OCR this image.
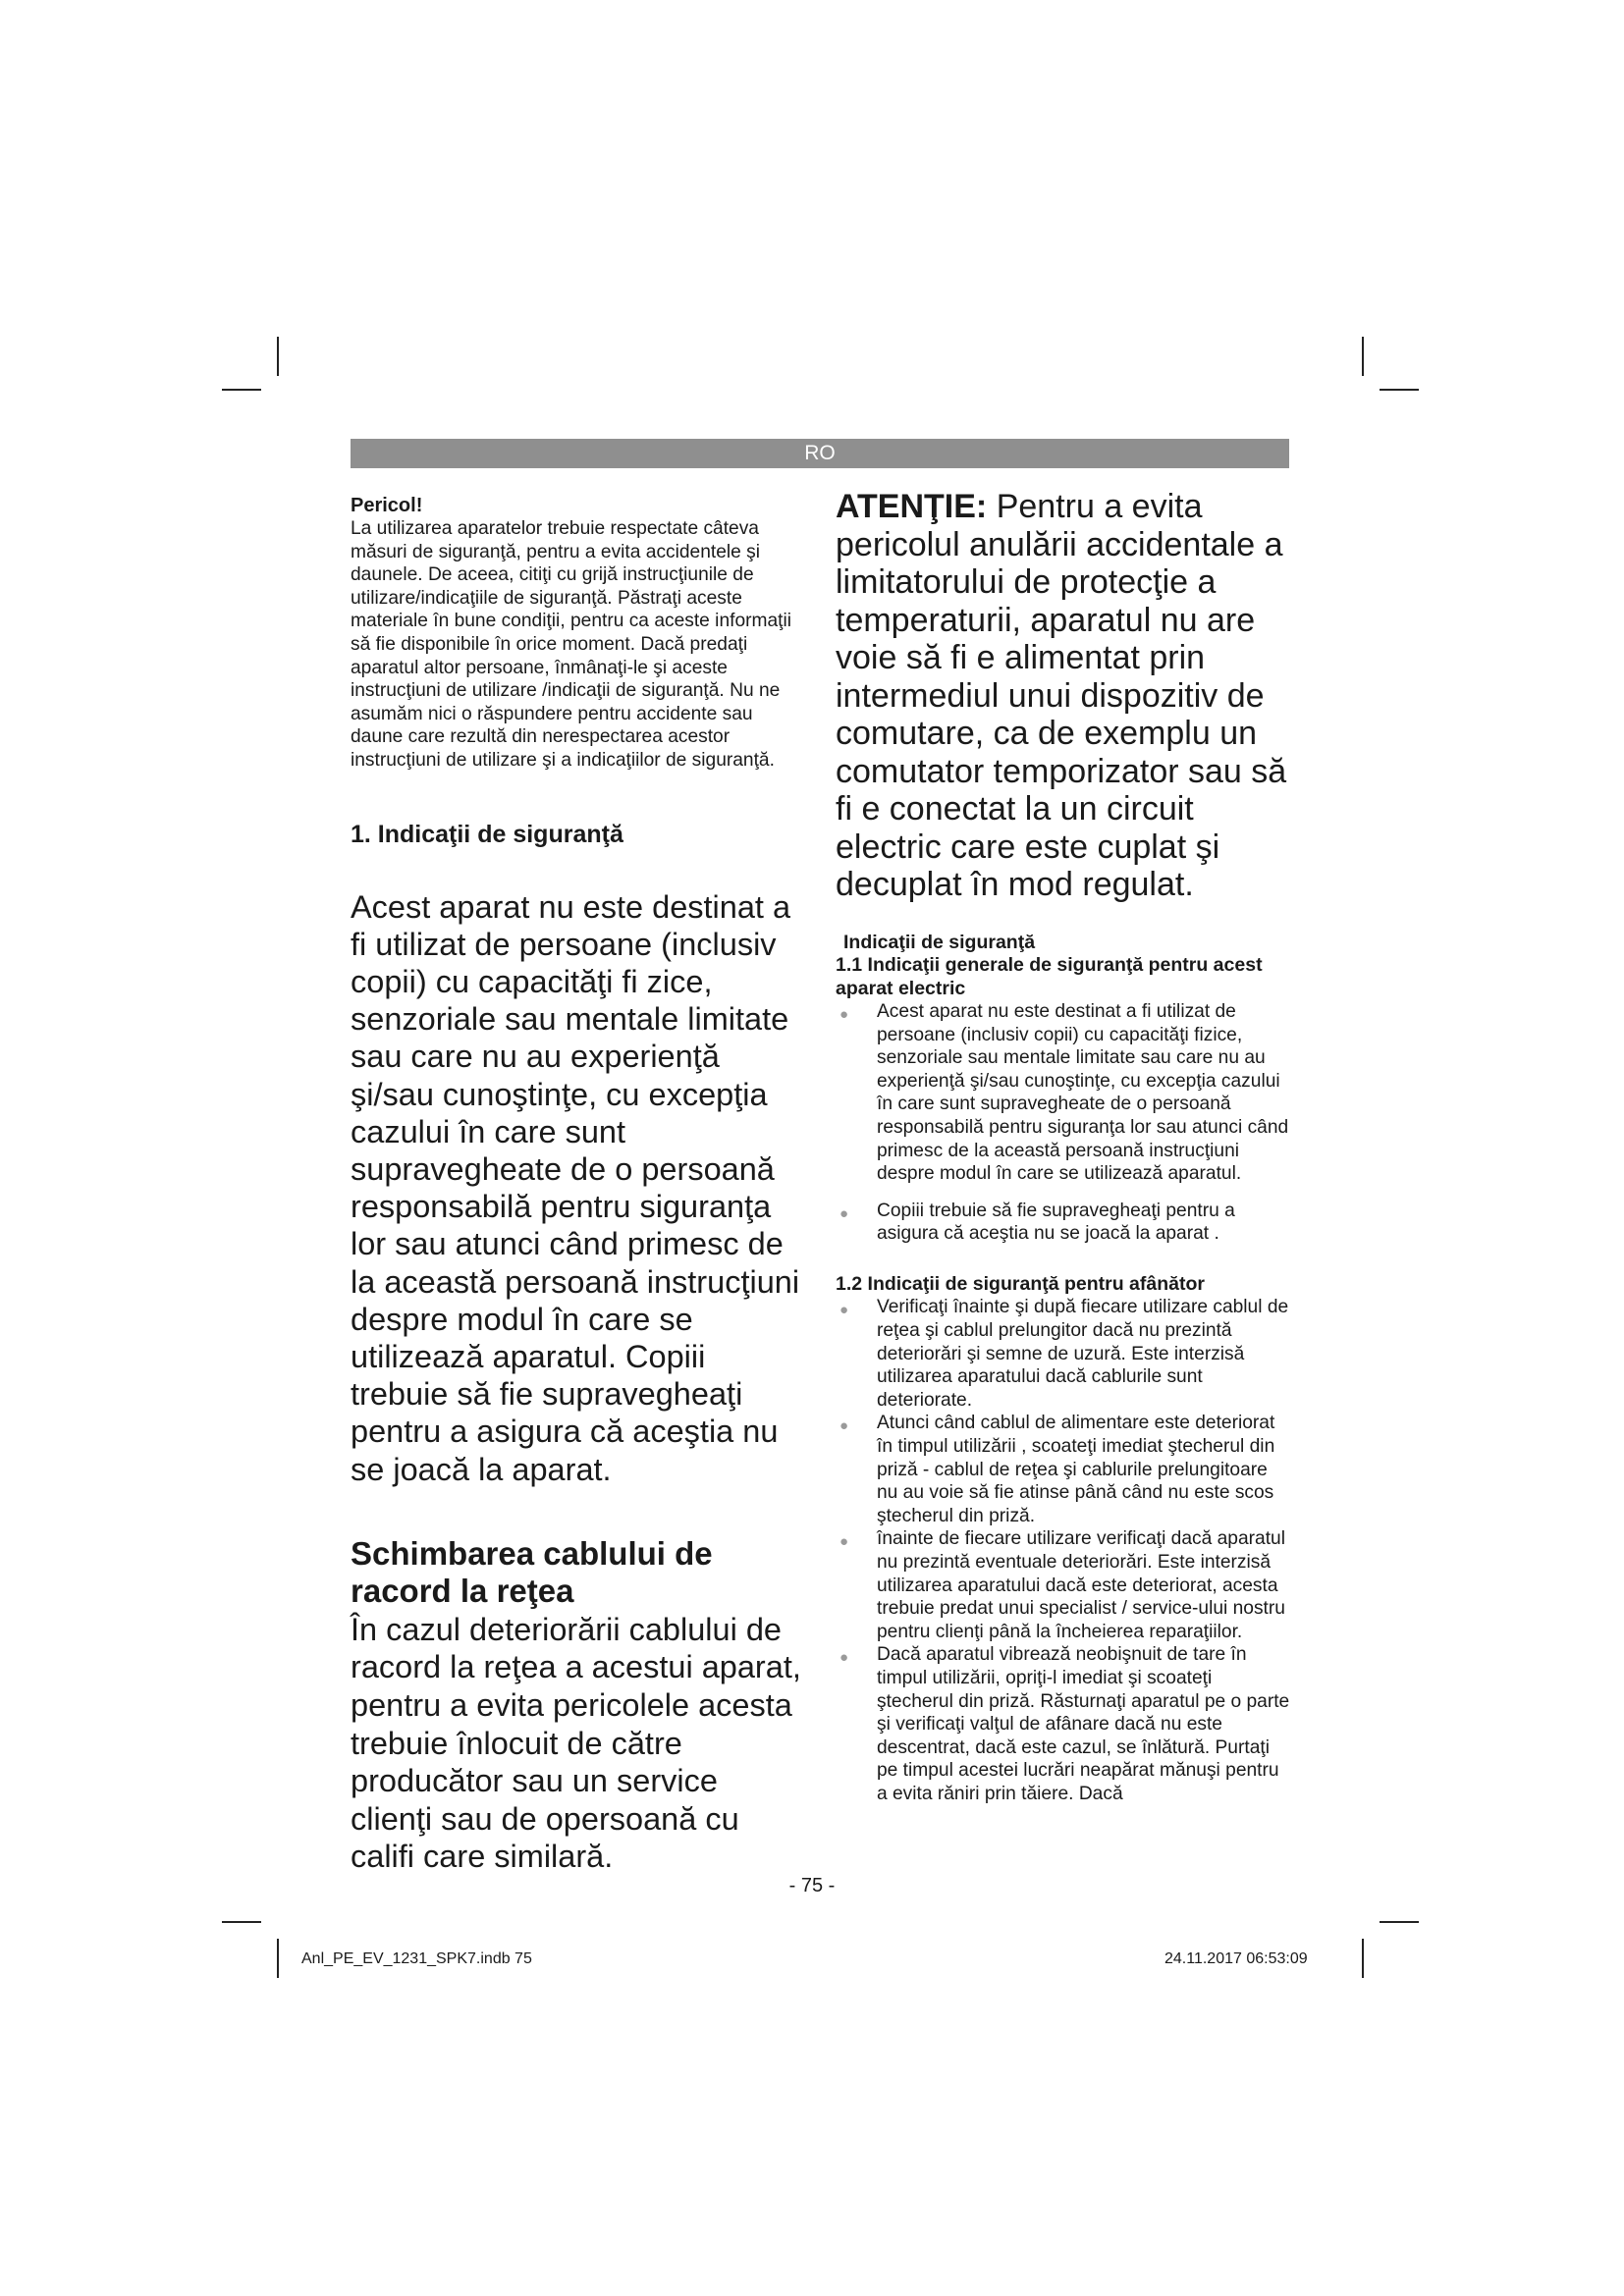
RO
Pericol!

La utilizarea aparatelor trebuie respectate câteva măsuri de siguranţă, pentru a evita accidentele şi daunele. De aceea, citiţi cu grijă instrucţiunile de utilizare/indicaţiile de siguranţă. Păstraţi aceste materiale în bune condiţii, pentru ca aceste informaţii să fie disponibile în orice moment. Dacă predaţi aparatul altor persoane, înmânaţi-le şi aceste instrucţiuni de utilizare /indicaţii de siguranţă. Nu ne asumăm nici o răspundere pentru accidente sau daune care rezultă din nerespectarea acestor instrucţiuni de utilizare şi a indicaţiilor de siguranţă.

1. Indicaţii de siguranţă

Acest aparat nu este destinat a fi utilizat de persoane (inclusiv copii) cu capacităţi fi zice, senzoriale sau mentale limitate sau care nu au experienţă şi/sau cunoştinţe, cu excepţia cazului în care sunt supravegheate de o persoană responsabilă pentru siguranţa lor sau atunci când primesc de la această persoană instrucţiuni despre modul în care se utilizează aparatul. Copiii trebuie să fie supravegheaţi pentru a asigura că aceştia nu se joacă la aparat.

Schimbarea cablului de racord la reţea

În cazul deteriorării cablului de racord la reţea a acestui aparat, pentru a evita pericolele acesta trebuie înlocuit de către producător sau un service clienţi sau de opersoană cu califi care similară.

ATENŢIE: Pentru a evita pericolul anulării accidentale a limitatorului de protecţie a temperaturii, aparatul nu are voie să fi e alimentat prin intermediul unui dispozitiv de comutare, ca de exemplu un comutator temporizator sau să fi e conectat la un circuit electric care este cuplat şi decuplat în mod regulat.

Indicaţii de siguranţă
1.1 Indicaţii generale de siguranţă pentru acest aparat electric
● Acest aparat nu este destinat a fi utilizat de persoane (inclusiv copii) cu capacităţi fizice, senzoriale sau mentale limitate sau care nu au experienţă şi/sau cunoştinţe, cu excepţia cazului în care sunt supravegheate de o persoană responsabilă pentru siguranţa lor sau atunci când primesc de la această persoană instrucţiuni despre modul în care se utilizează aparatul.
● Copiii trebuie să fie supravegheaţi pentru a asigura că aceştia nu se joacă la aparat .
1.2 Indicaţii de siguranţă pentru afânător
● Verificaţi înainte şi după fiecare utilizare cablul de reţea şi cablul prelungitor dacă nu prezintă deteriorări şi semne de uzură. Este interzisă utilizarea aparatului dacă cablurile sunt deteriorate.
● Atunci când cablul de alimentare este deteriorat în timpul utilizării , scoateţi imediat ştecherul din priză - cablul de reţea şi cablurile prelungitoare nu au voie să fie atinse până când nu este scos ştecherul din priză.
● înainte de fiecare utilizare verificaţi dacă aparatul nu prezintă eventuale deteriorări. Este interzisă utilizarea aparatului dacă este deteriorat, acesta trebuie predat unui specialist / service-ului nostru pentru clienţi până la încheierea reparaţiilor.
● Dacă aparatul vibrează neobişnuit de tare în timpul utilizării, opriţi-l imediat şi scoateţi ştecherul din priză. Răsturnaţi aparatul pe o parte şi verificaţi valţul de afânare dacă nu este descentrat, dacă este cazul, se înlătură. Purtaţi pe timpul acestei lucrări neapărat mănuşi pentru a evita răniri prin tăiere. Dacă
- 75 -
Anl_PE_EV_1231_SPK7.indb 75	24.11.2017 06:53:09
